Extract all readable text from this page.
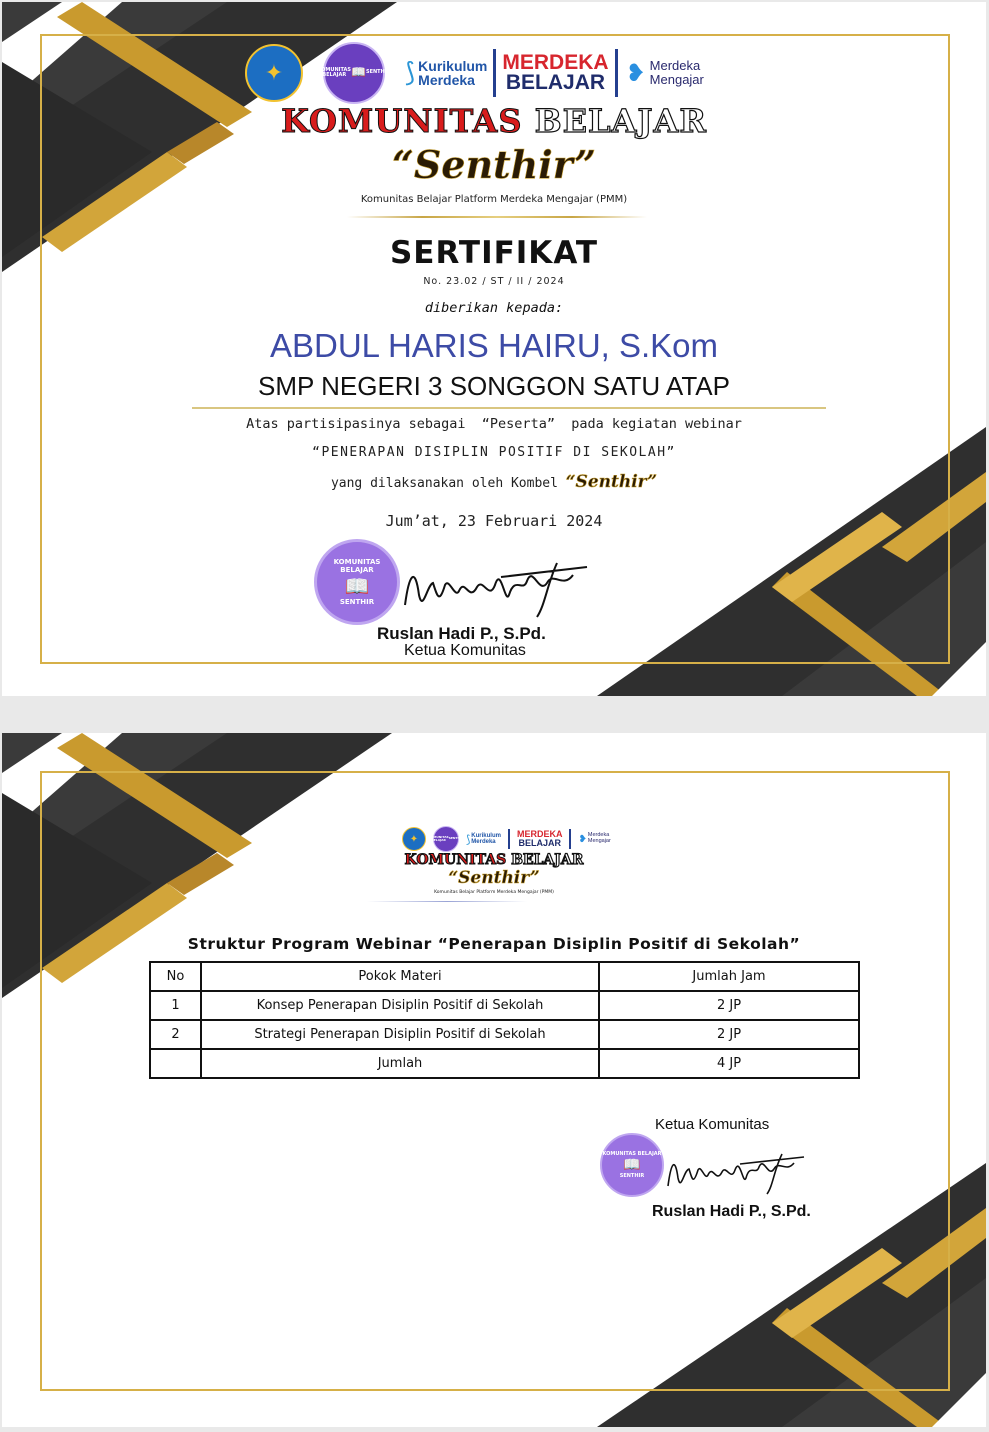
✦	KOMUNITAS BELAJAR 📖 SENTHIR ⟆ Kurikulum
Merdeka
MERDEKA
BELAJAR ❥ Merdeka
Mengajar
KOMUNITAS BELAJAR
“Senthir”
Komunitas Belajar Platform Merdeka Mengajar (PMM)
SERTIFIKAT
No. 23.02 / ST / II / 2024
diberikan kepada:
ABDUL HARIS HAIRU, S.Kom
SMP NEGERI 3 SONGGON SATU ATAP
Atas partisipasinya sebagai  “Peserta”  pada kegiatan webinar
“PENERAPAN DISIPLIN POSITIF DI SEKOLAH”
yang dilaksanakan oleh Kombel “Senthir”
Jum’at, 23 Februari 2024
KOMUNITAS BELAJAR
📖
SENTHIR
Ruslan Hadi P., S.Pd.
Ketua Komunitas
✦	KOMUNITAS BELAJAR SENTHIR ⟆ Kurikulum
Merdeka
MERDEKA
BELAJAR ❥ Merdeka
Mengajar
KOMUNITAS BELAJAR
“Senthir”
Komunitas Belajar Platform Merdeka Mengajar (PMM)
Struktur Program Webinar “Penerapan Disiplin Positif di Sekolah”
No	Pokok Materi	Jumlah Jam
1	Konsep Penerapan Disiplin Positif di Sekolah	2 JP
2	Strategi Penerapan Disiplin Positif di Sekolah	2 JP
	Jumlah	4 JP
Ketua Komunitas
KOMUNITAS BELAJAR
📖
SENTHIR
Ruslan Hadi P., S.Pd.
